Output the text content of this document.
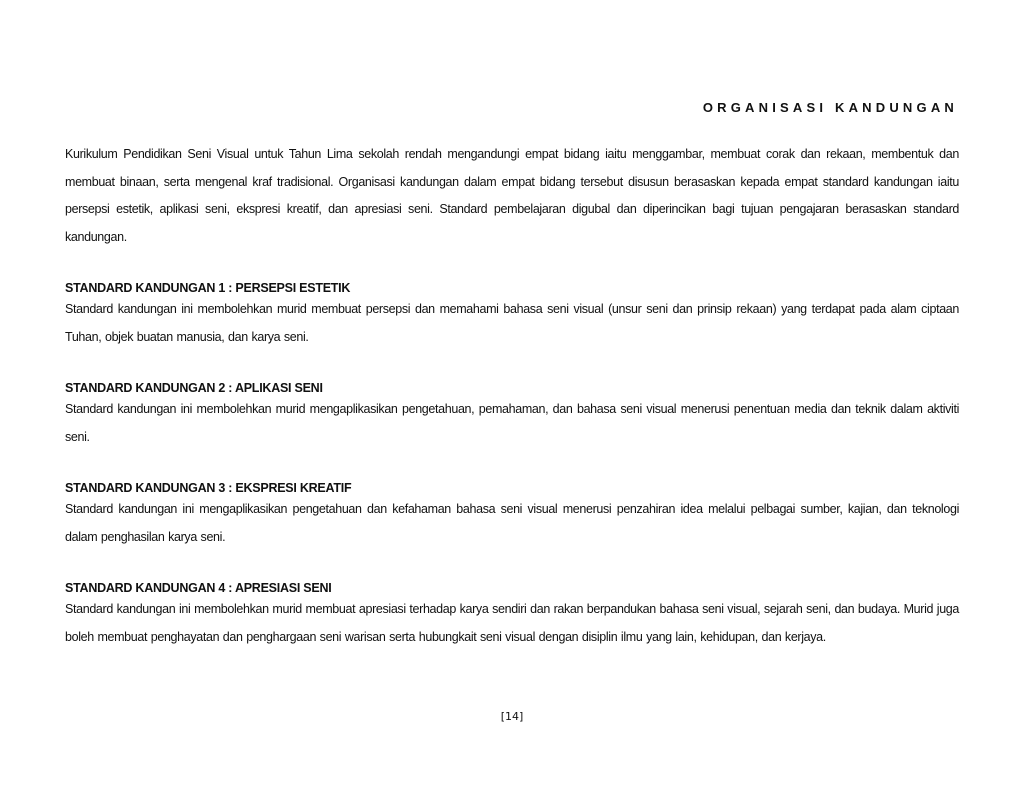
ORGANISASI KANDUNGAN

Kurikulum Pendidikan Seni Visual untuk Tahun Lima sekolah rendah mengandungi empat bidang iaitu menggambar, membuat corak dan rekaan, membentuk dan membuat binaan, serta mengenal kraf tradisional. Organisasi kandungan dalam empat bidang tersebut disusun berasaskan kepada empat standard kandungan iaitu persepsi estetik, aplikasi seni, ekspresi kreatif, dan apresiasi seni. Standard pembelajaran digubal dan diperincikan bagi tujuan pengajaran berasaskan standard kandungan.

STANDARD KANDUNGAN 1 : PERSEPSI ESTETIK

Standard kandungan ini membolehkan murid membuat persepsi dan memahami bahasa seni visual (unsur seni dan prinsip rekaan) yang terdapat pada alam ciptaan Tuhan, objek buatan manusia, dan karya seni.

STANDARD KANDUNGAN 2 : APLIKASI SENI

Standard kandungan ini membolehkan murid mengaplikasikan pengetahuan, pemahaman, dan bahasa seni visual menerusi penentuan media dan teknik dalam aktiviti seni.

STANDARD KANDUNGAN 3 : EKSPRESI KREATIF

Standard kandungan ini mengaplikasikan pengetahuan dan kefahaman bahasa seni visual menerusi penzahiran idea melalui pelbagai sumber, kajian, dan teknologi dalam penghasilan karya seni.

STANDARD KANDUNGAN 4 : APRESIASI SENI

Standard kandungan ini membolehkan murid membuat apresiasi terhadap karya sendiri dan rakan berpandukan bahasa seni visual, sejarah seni, dan budaya. Murid juga boleh membuat penghayatan dan penghargaan seni warisan serta hubungkait seni visual dengan disiplin ilmu yang lain, kehidupan, dan kerjaya.

[14]
